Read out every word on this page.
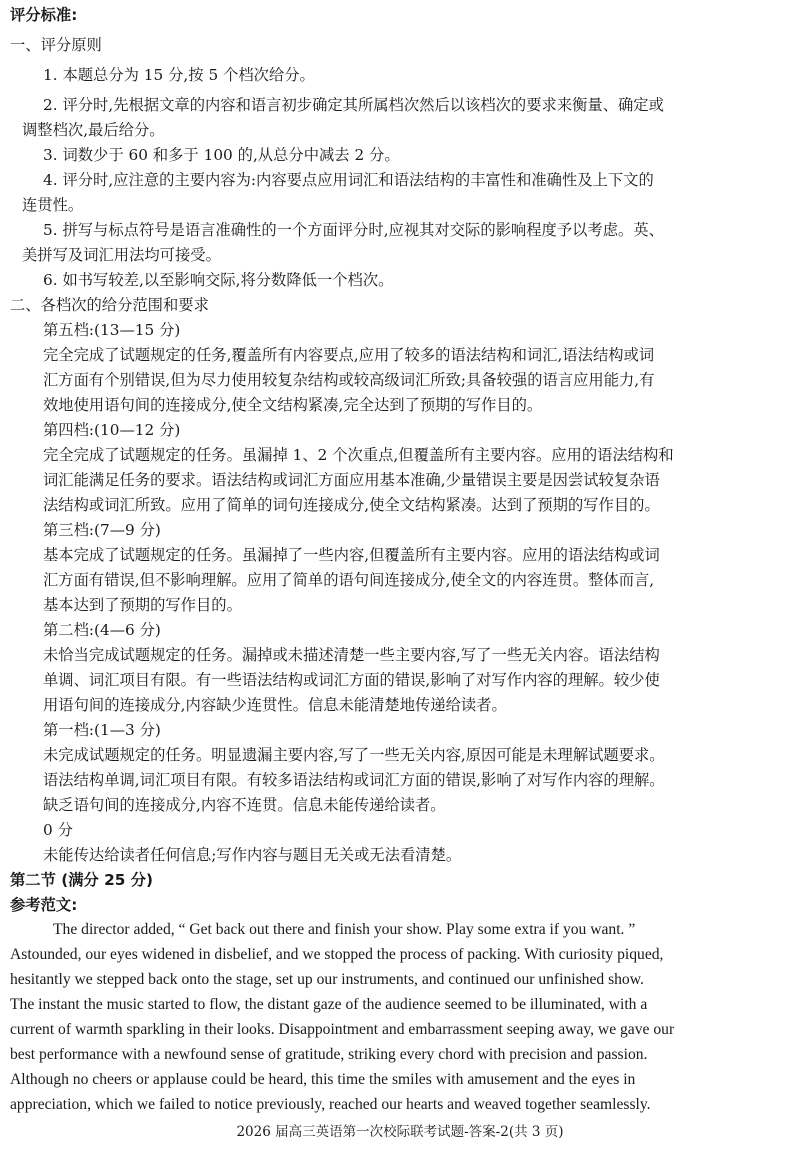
评分标准:
一、评分原则
1. 本题总分为 15 分,按 5 个档次给分。
2. 评分时,先根据文章的内容和语言初步确定其所属档次然后以该档次的要求来衡量、确定或
调整档次,最后给分。
3. 词数少于 60 和多于 100 的,从总分中减去 2 分。
4. 评分时,应注意的主要内容为:内容要点应用词汇和语法结构的丰富性和准确性及上下文的
连贯性。
5. 拼写与标点符号是语言准确性的一个方面评分时,应视其对交际的影响程度予以考虑。英、
美拼写及词汇用法均可接受。
6. 如书写较差,以至影响交际,将分数降低一个档次。
二、各档次的给分范围和要求
第五档:(13—15 分)
完全完成了试题规定的任务,覆盖所有内容要点,应用了较多的语法结构和词汇,语法结构或词
汇方面有个别错误,但为尽力使用较复杂结构或较高级词汇所致;具备较强的语言应用能力,有
效地使用语句间的连接成分,使全文结构紧凑,完全达到了预期的写作目的。
第四档:(10—12 分)
完全完成了试题规定的任务。虽漏掉 1、2 个次重点,但覆盖所有主要内容。应用的语法结构和
词汇能满足任务的要求。语法结构或词汇方面应用基本准确,少量错误主要是因尝试较复杂语
法结构或词汇所致。应用了简单的词句连接成分,使全文结构紧凑。达到了预期的写作目的。
第三档:(7—9 分)
基本完成了试题规定的任务。虽漏掉了一些内容,但覆盖所有主要内容。应用的语法结构或词
汇方面有错误,但不影响理解。应用了简单的语句间连接成分,使全文的内容连贯。整体而言,
基本达到了预期的写作目的。
第二档:(4—6 分)
未恰当完成试题规定的任务。漏掉或未描述清楚一些主要内容,写了一些无关内容。语法结构
单调、词汇项目有限。有一些语法结构或词汇方面的错误,影响了对写作内容的理解。较少使
用语句间的连接成分,内容缺少连贯性。信息未能清楚地传递给读者。
第一档:(1—3 分)
未完成试题规定的任务。明显遗漏主要内容,写了一些无关内容,原因可能是未理解试题要求。
语法结构单调,词汇项目有限。有较多语法结构或词汇方面的错误,影响了对写作内容的理解。
缺乏语句间的连接成分,内容不连贯。信息未能传递给读者。
0 分
未能传达给读者任何信息;写作内容与题目无关或无法看清楚。
第二节 (满分 25 分)
参考范文:
The director added, “ Get back out there and finish your show. Play some extra if you want. ”
Astounded, our eyes widened in disbelief, and we stopped the process of packing. With curiosity piqued,
hesitantly we stepped back onto the stage, set up our instruments, and continued our unfinished show.
The instant the music started to flow, the distant gaze of the audience seemed to be illuminated, with a
current of warmth sparkling in their looks. Disappointment and embarrassment seeping away, we gave our
best performance with a newfound sense of gratitude, striking every chord with precision and passion.
Although no cheers or applause could be heard, this time the smiles with amusement and the eyes in
appreciation, which we failed to notice previously, reached our hearts and weaved together seamlessly.
2026 届高三英语第一次校际联考试题-答案-2(共 3 页)
